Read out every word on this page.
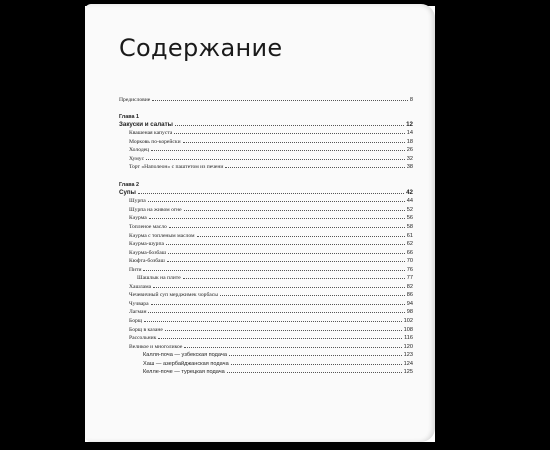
Содержание
Предисловие	8
Глава 1
Закуски и салаты	12
Квашеная капуста	14
Морковь по-корейски	18
Холодец	26
Хумус	32
Торт «Наполеон» с паштетом из печени	38
Глава 2
Супы	42
Шурпа	44
Шурпа на живом огне	52
Кәурма	56
Топленое масло	58
Кәурма с топленым маслом	61
Кәурма-шурпа	62
Кәурма-бозбаш	66
Кюфта-бозбаш	70
Пити	76
Шашлык на плите	77
Хашлама	82
Чечевичный суп мерджимек чорбасы	86
Чучвара	94
Лагман	98
Борщ	102
Борщ в казане	108
Рассольник	116
Великое и многоликое	120
Калля-поча — узбекская подача	123
Хаш — азербайджанская подача	124
Келле-поче — турецкая подача	125
